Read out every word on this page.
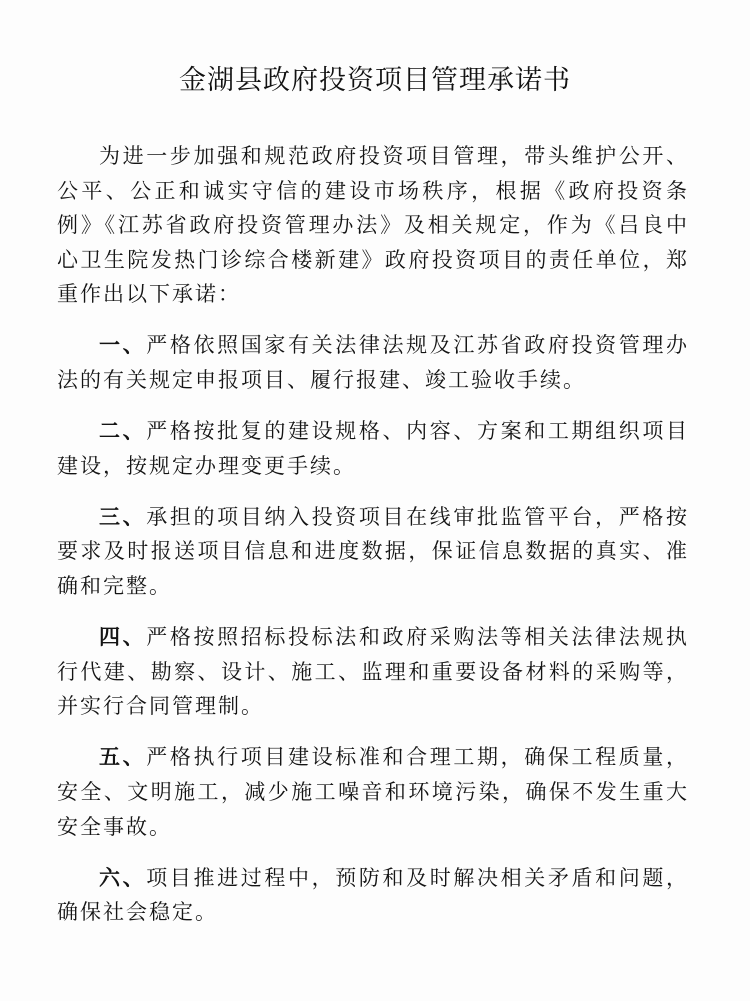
金湖县政府投资项目管理承诺书

为进一步加强和规范政府投资项目管理，带头维护公开、公平、公正和诚实守信的建设市场秩序，根据《政府投资条例》《江苏省政府投资管理办法》及相关规定，作为《吕良中心卫生院发热门诊综合楼新建》政府投资项目的责任单位，郑重作出以下承诺：

一、严格依照国家有关法律法规及江苏省政府投资管理办法的有关规定申报项目、履行报建、竣工验收手续。

二、严格按批复的建设规格、内容、方案和工期组织项目建设，按规定办理变更手续。

三、承担的项目纳入投资项目在线审批监管平台，严格按要求及时报送项目信息和进度数据，保证信息数据的真实、准确和完整。

四、严格按照招标投标法和政府采购法等相关法律法规执行代建、勘察、设计、施工、监理和重要设备材料的采购等，并实行合同管理制。

五、严格执行项目建设标准和合理工期，确保工程质量，安全、文明施工，减少施工噪音和环境污染，确保不发生重大安全事故。

六、项目推进过程中，预防和及时解决相关矛盾和问题，确保社会稳定。
